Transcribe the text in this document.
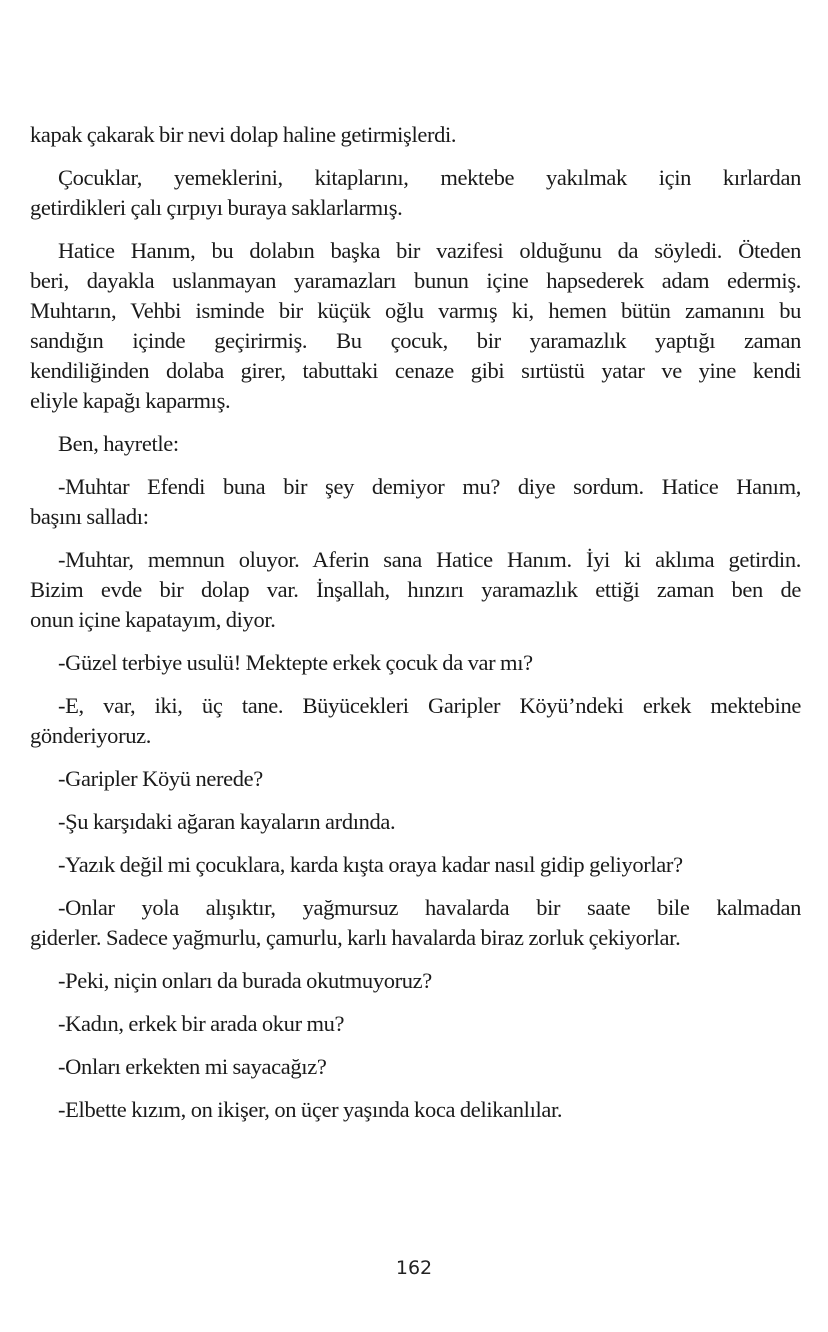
kapak çakarak bir nevi dolap haline getirmişlerdi.
Çocuklar, yemeklerini, kitaplarını, mektebe yakılmak için kırlardan
getirdikleri çalı çırpıyı buraya saklarlarmış.
Hatice Hanım, bu dolabın başka bir vazifesi olduğunu da söyledi. Öteden
beri, dayakla uslanmayan yaramazları bunun içine hapsederek adam edermiş.
Muhtarın, Vehbi isminde bir küçük oğlu varmış ki, hemen bütün zamanını bu
sandığın içinde geçirirmiş. Bu çocuk, bir yaramazlık yaptığı zaman
kendiliğinden dolaba girer, tabuttaki cenaze gibi sırtüstü yatar ve yine kendi
eliyle kapağı kaparmış.
Ben, hayretle:
-Muhtar Efendi buna bir şey demiyor mu? diye sordum. Hatice Hanım,
başını salladı:
-Muhtar, memnun oluyor. Aferin sana Hatice Hanım. İyi ki aklıma getirdin.
Bizim evde bir dolap var. İnşallah, hınzırı yaramazlık ettiği zaman ben de
onun içine kapatayım, diyor.
-Güzel terbiye usulü! Mektepte erkek çocuk da var mı?
-E, var, iki, üç tane. Büyücekleri Garipler Köyü’ndeki erkek mektebine
gönderiyoruz.
-Garipler Köyü nerede?
-Şu karşıdaki ağaran kayaların ardında.
-Yazık değil mi çocuklara, karda kışta oraya kadar nasıl gidip geliyorlar?
-Onlar yola alışıktır, yağmursuz havalarda bir saate bile kalmadan
giderler. Sadece yağmurlu, çamurlu, karlı havalarda biraz zorluk çekiyorlar.
-Peki, niçin onları da burada okutmuyoruz?
-Kadın, erkek bir arada okur mu?
-Onları erkekten mi sayacağız?
-Elbette kızım, on ikişer, on üçer yaşında koca delikanlılar.
162
